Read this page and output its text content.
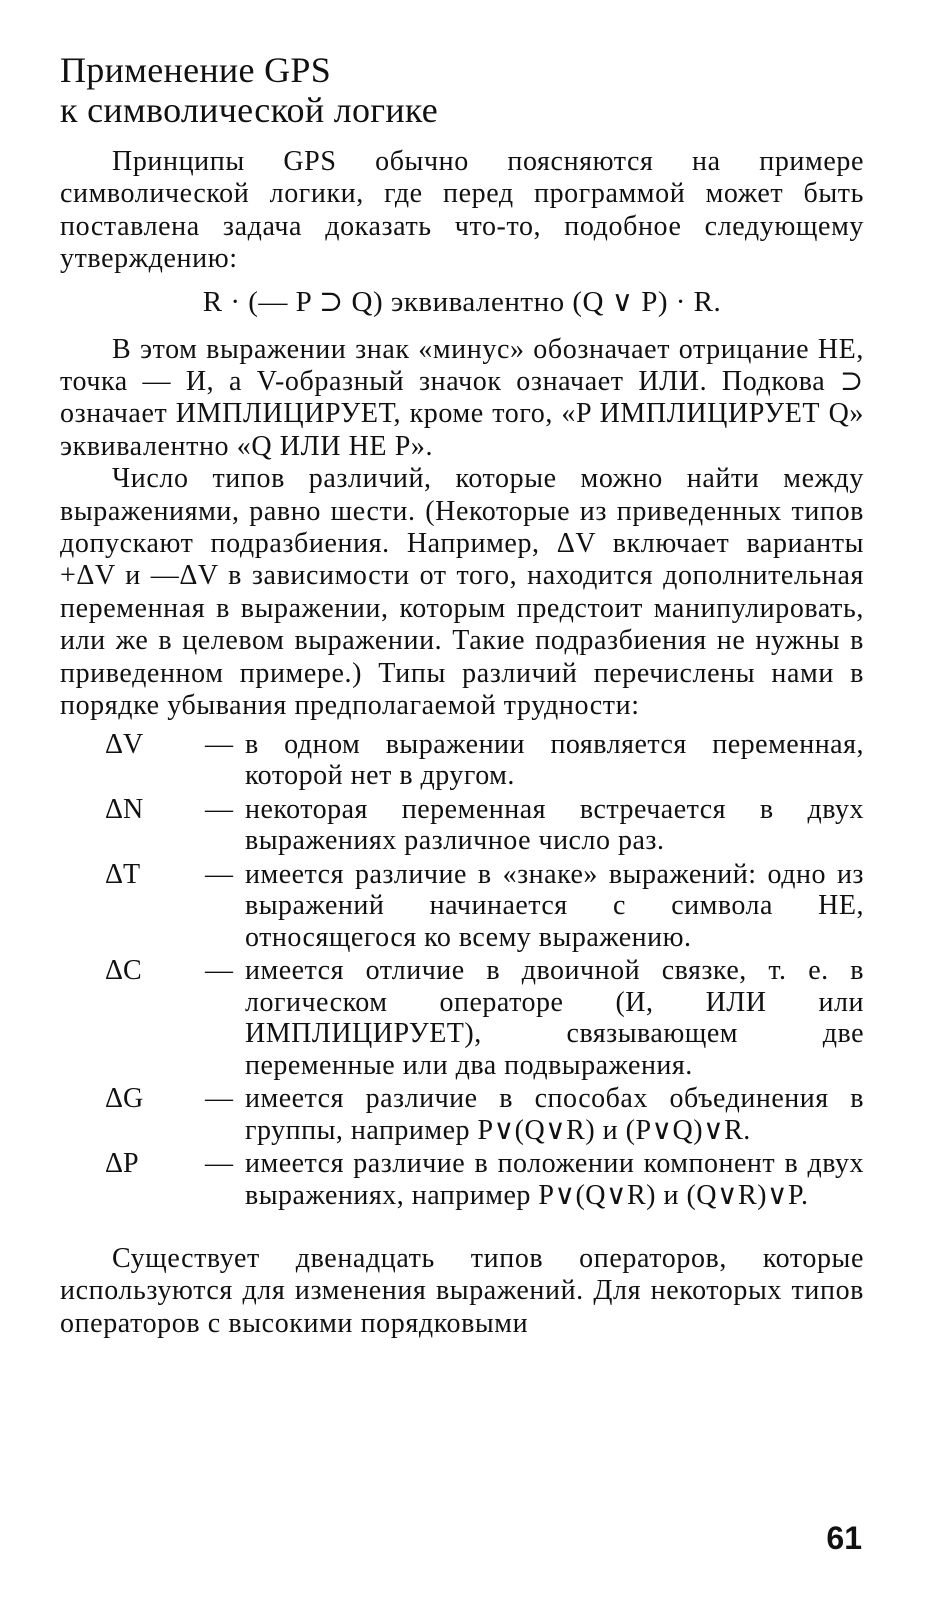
Применение GPS
к символической логике

Принципы GPS обычно поясняются на примере символической логики, где перед программой может быть поставлена задача доказать что-то, подобное следующему утверждению:

R · (— P ⊃ Q) эквивалентно (Q ∨ P) · R.

В этом выражении знак «минус» обозначает отрицание НЕ, точка — И, а V-образный значок означает ИЛИ. Подкова ⊃ означает ИМПЛИЦИРУЕТ, кроме того, «P ИМПЛИЦИРУЕТ Q» эквивалентно «Q ИЛИ НЕ P».

Число типов различий, которые можно найти между выражениями, равно шести. (Некоторые из приведенных типов допускают подразбиения. Например, ΔV включает варианты +ΔV и —ΔV в зависимости от того, находится дополнительная переменная в выражении, которым предстоит манипулировать, или же в целевом выражении. Такие подразбиения не нужны в приведенном примере.) Типы различий перечислены нами в порядке убывания предполагаемой трудности:

ΔV	— в одном выражении появляется переменная, которой нет в другом.
ΔN	— некоторая переменная встречается в двух выражениях различное число раз.
ΔT	— имеется различие в «знаке» выражений: одно из выражений начинается с символа НЕ, относящегося ко всему выражению.
ΔC	— имеется отличие в двоичной связке, т. е. в логическом операторе (И, ИЛИ или ИМПЛИЦИРУЕТ), связывающем две переменные или два подвыражения.
ΔG	— имеется различие в способах объединения в группы, например P∨(Q∨R) и (P∨Q)∨R.
ΔP	— имеется различие в положении компонент в двух выражениях, например P∨(Q∨R) и (Q∨R)∨P.

Существует двенадцать типов операторов, которые используются для изменения выражений. Для некоторых типов операторов с высокими порядковыми

61
